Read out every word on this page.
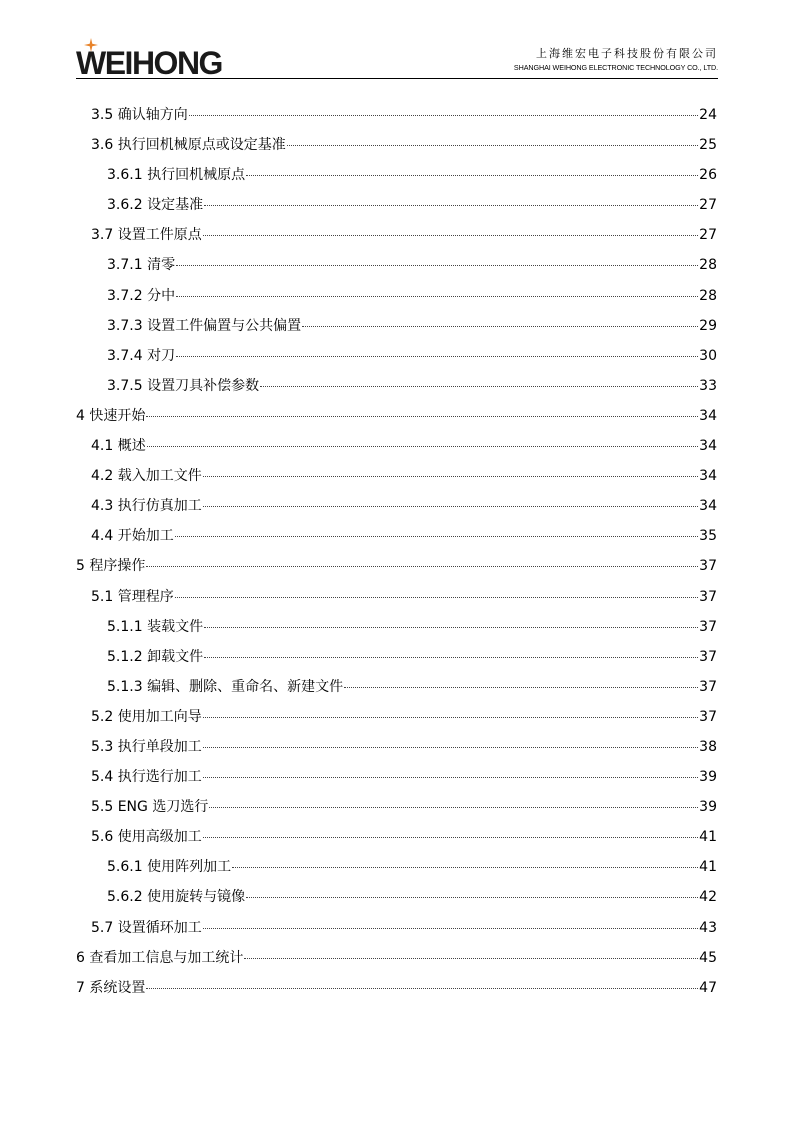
WEIHONG	上海维宏电子科技股份有限公司
SHANGHAI WEIHONG ELECTRONIC TECHNOLOGY CO., LTD.
3.5 确认轴方向	24
3.6 执行回机械原点或设定基准	25
3.6.1 执行回机械原点	26
3.6.2 设定基准	27
3.7 设置工件原点	27
3.7.1 清零	28
3.7.2 分中	28
3.7.3 设置工件偏置与公共偏置	29
3.7.4 对刀	30
3.7.5 设置刀具补偿参数	33
4 快速开始	34
4.1 概述	34
4.2 载入加工文件	34
4.3 执行仿真加工	34
4.4 开始加工	35
5 程序操作	37
5.1 管理程序	37
5.1.1 装载文件	37
5.1.2 卸载文件	37
5.1.3 编辑、删除、重命名、新建文件	37
5.2 使用加工向导	37
5.3 执行单段加工	38
5.4 执行选行加工	39
5.5 ENG 选刀选行	39
5.6 使用高级加工	41
5.6.1 使用阵列加工	41
5.6.2 使用旋转与镜像	42
5.7 设置循环加工	43
6 查看加工信息与加工统计	45
7 系统设置	47
